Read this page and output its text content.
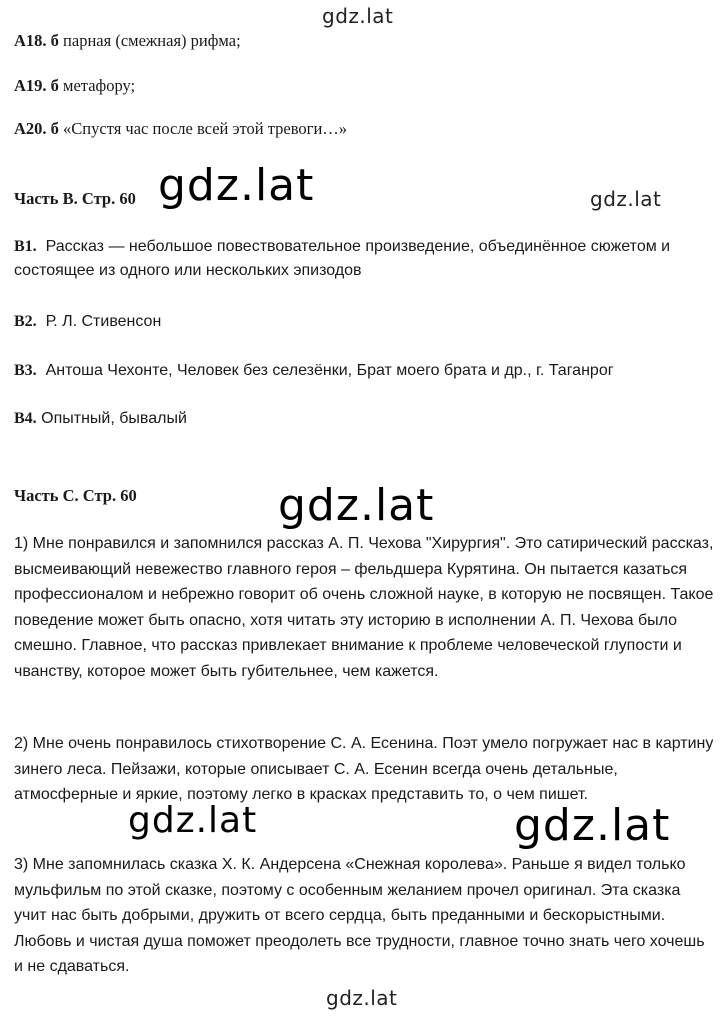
gdz.lat
A18. б парная (смежная) рифма;
A19. б метафору;
A20. б «Спустя час после всей этой тревоги…»
Часть В. Стр. 60 gdz.lat	gdz.lat
В1. Рассказ — небольшое повествовательное произведение, объединённое сюжетом и
состоящее из одного или нескольких эпизодов
В2. Р. Л. Стивенсон
В3. Антоша Чехонте, Человек без селезёнки, Брат моего брата и др., г. Таганрог
В4. Опытный, бывалый
Часть С. Стр. 60	gdz.lat
1) Мне понравился и запомнился рассказ А. П. Чехова "Хирургия". Это сатирический рассказ, высмеивающий невежество главного героя – фельдшера Курятина. Он пытается казаться профессионалом и небрежно говорит об очень сложной науке, в которую не посвящен. Такое поведение может быть опасно, хотя читать эту историю в исполнении А. П. Чехова было смешно. Главное, что рассказ привлекает внимание к проблеме человеческой глупости и чванству, которое может быть губительнее, чем кажется.
2) Мне очень понравилось стихотворение С. А. Есенина. Поэт умело погружает нас в картину зинего леса. Пейзажи, которые описывает С. А. Есенин всегда очень детальные, атмосферные и яркие, поэтому легко в красках представить то, о чем пишет.
gdz.lat	gdz.lat
3) Мне запомнилась сказка Х. К. Андерсена «Снежная королева». Раньше я видел только мульфильм по этой сказке, поэтому с особенным желанием прочел оригинал. Эта сказка учит нас быть добрыми, дружить от всего сердца, быть преданными и бескорыстными. Любовь и чистая душа поможет преодолеть все трудности, главное точно знать чего хочешь и не сдаваться.
gdz.lat
